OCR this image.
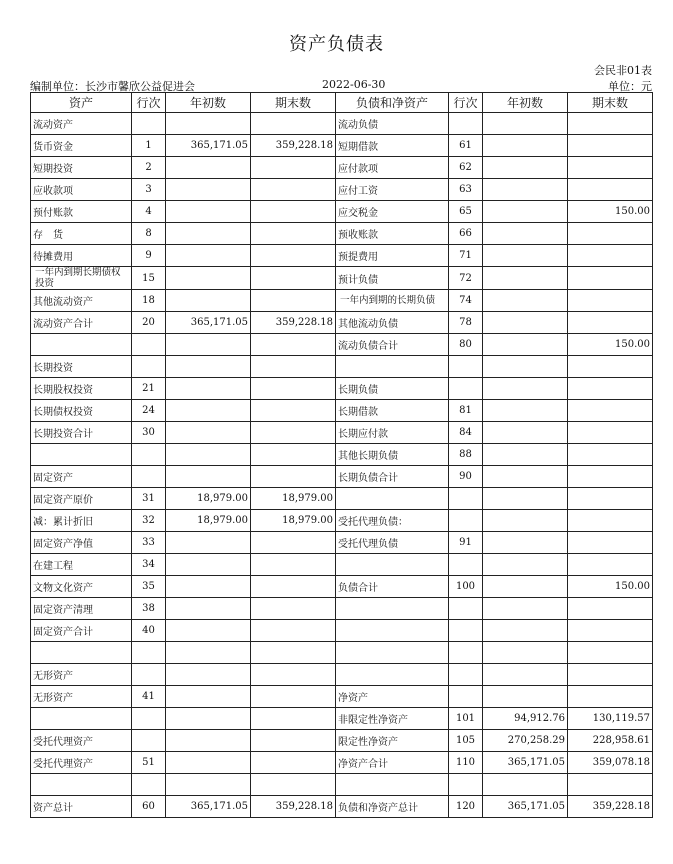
资产负债表
会民非01表
编制单位：长沙市馨欣公益促进会	2022-06-30	单位：元
资产	行次	年初数	期末数	负债和净资产	行次	年初数	期末数
流动资产				流动负债			
货币资金	1	365,171.05	359,228.18	短期借款	61		
短期投资	2			应付款项	62		
应收款项	3			应付工资	63		
预付账款	4			应交税金	65		150.00
存　货	8			预收账款	66		
待摊费用	9			预提费用	71		
一年内到期长期债权投资	15			预计负债	72		
其他流动资产	18			一年内到期的长期负债	74		
流动资产合计	20	365,171.05	359,228.18	其他流动负债	78		
				流动负债合计	80		150.00
长期投资							
长期股权投资	21			长期负债			
长期债权投资	24			长期借款	81		
长期投资合计	30			长期应付款	84		
				其他长期负债	88		
固定资产				长期负债合计	90		
固定资产原价	31	18,979.00	18,979.00				
减：累计折旧	32	18,979.00	18,979.00	受托代理负债：			
固定资产净值	33			受托代理负债	91		
在建工程	34						
文物文化资产	35			负债合计	100		150.00
固定资产清理	38						
固定资产合计	40						

无形资产							
无形资产	41			净资产			
				非限定性净资产	101	94,912.76	130,119.57
受托代理资产				限定性净资产	105	270,258.29	228,958.61
受托代理资产	51			净资产合计	110	365,171.05	359,078.18

资产总计	60	365,171.05	359,228.18	负债和净资产总计	120	365,171.05	359,228.18
